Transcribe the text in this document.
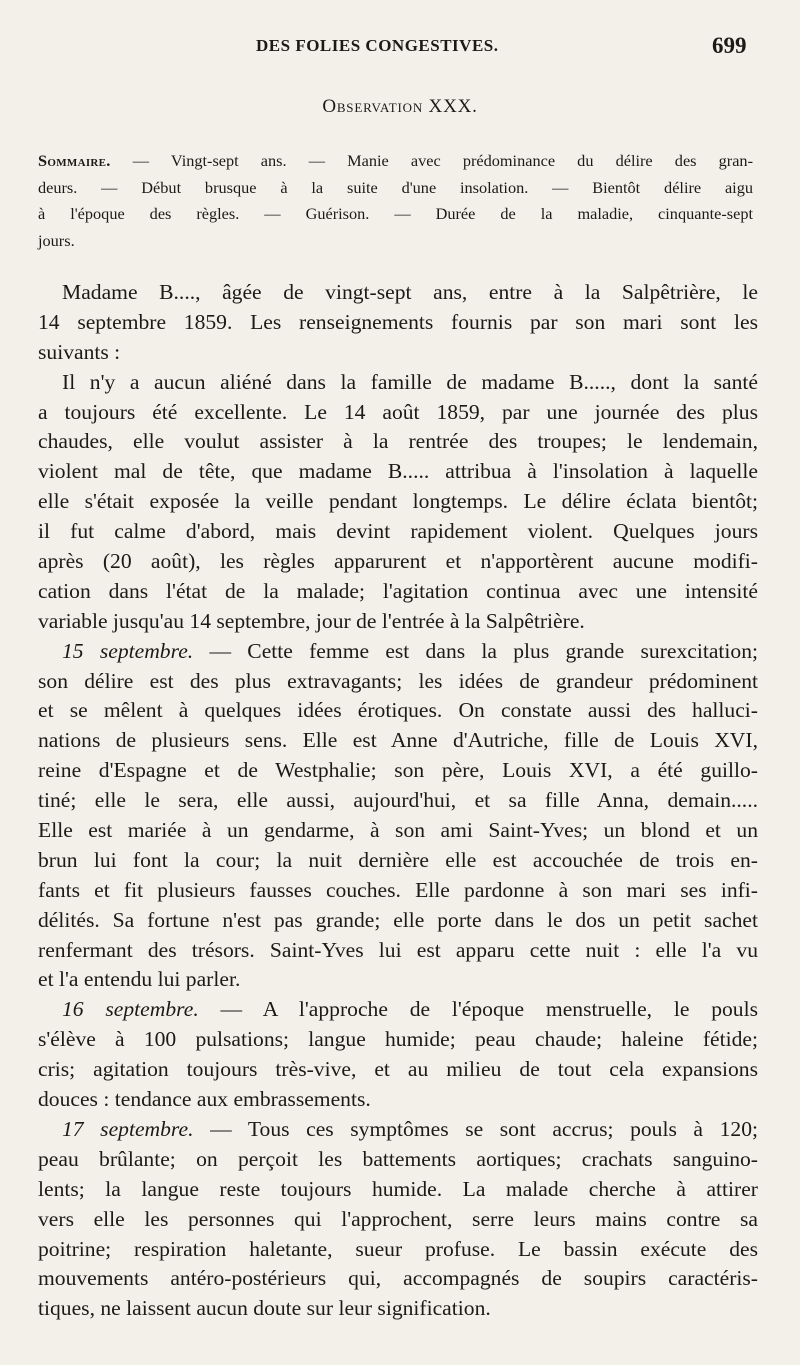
DES FOLIES CONGESTIVES.	699
Observation XXX.
Sommaire. — Vingt-sept ans. — Manie avec prédominance du délire des gran-
deurs. — Début brusque à la suite d'une insolation. — Bientôt délire aigu
à l'époque des règles. — Guérison. — Durée de la maladie, cinquante-sept
jours.
Madame B...., âgée de vingt-sept ans, entre à la Salpêtrière, le
14 septembre 1859. Les renseignements fournis par son mari sont les
suivants :
Il n'y a aucun aliéné dans la famille de madame B....., dont la santé
a toujours été excellente. Le 14 août 1859, par une journée des plus
chaudes, elle voulut assister à la rentrée des troupes; le lendemain,
violent mal de tête, que madame B..... attribua à l'insolation à laquelle
elle s'était exposée la veille pendant longtemps. Le délire éclata bientôt;
il fut calme d'abord, mais devint rapidement violent. Quelques jours
après (20 août), les règles apparurent et n'apportèrent aucune modifi-
cation dans l'état de la malade; l'agitation continua avec une intensité
variable jusqu'au 14 septembre, jour de l'entrée à la Salpêtrière.
15 septembre. — Cette femme est dans la plus grande surexcitation;
son délire est des plus extravagants; les idées de grandeur prédominent
et se mêlent à quelques idées érotiques. On constate aussi des halluci-
nations de plusieurs sens. Elle est Anne d'Autriche, fille de Louis XVI,
reine d'Espagne et de Westphalie; son père, Louis XVI, a été guillo-
tiné; elle le sera, elle aussi, aujourd'hui, et sa fille Anna, demain.....
Elle est mariée à un gendarme, à son ami Saint-Yves; un blond et un
brun lui font la cour; la nuit dernière elle est accouchée de trois en-
fants et fit plusieurs fausses couches. Elle pardonne à son mari ses infi-
délités. Sa fortune n'est pas grande; elle porte dans le dos un petit sachet
renfermant des trésors. Saint-Yves lui est apparu cette nuit : elle l'a vu
et l'a entendu lui parler.
16 septembre. — A l'approche de l'époque menstruelle, le pouls
s'élève à 100 pulsations; langue humide; peau chaude; haleine fétide;
cris; agitation toujours très-vive, et au milieu de tout cela expansions
douces : tendance aux embrassements.
17 septembre. — Tous ces symptômes se sont accrus; pouls à 120;
peau brûlante; on perçoit les battements aortiques; crachats sanguino-
lents; la langue reste toujours humide. La malade cherche à attirer
vers elle les personnes qui l'approchent, serre leurs mains contre sa
poitrine; respiration haletante, sueur profuse. Le bassin exécute des
mouvements antéro-postérieurs qui, accompagnés de soupirs caractéris-
tiques, ne laissent aucun doute sur leur signification.
